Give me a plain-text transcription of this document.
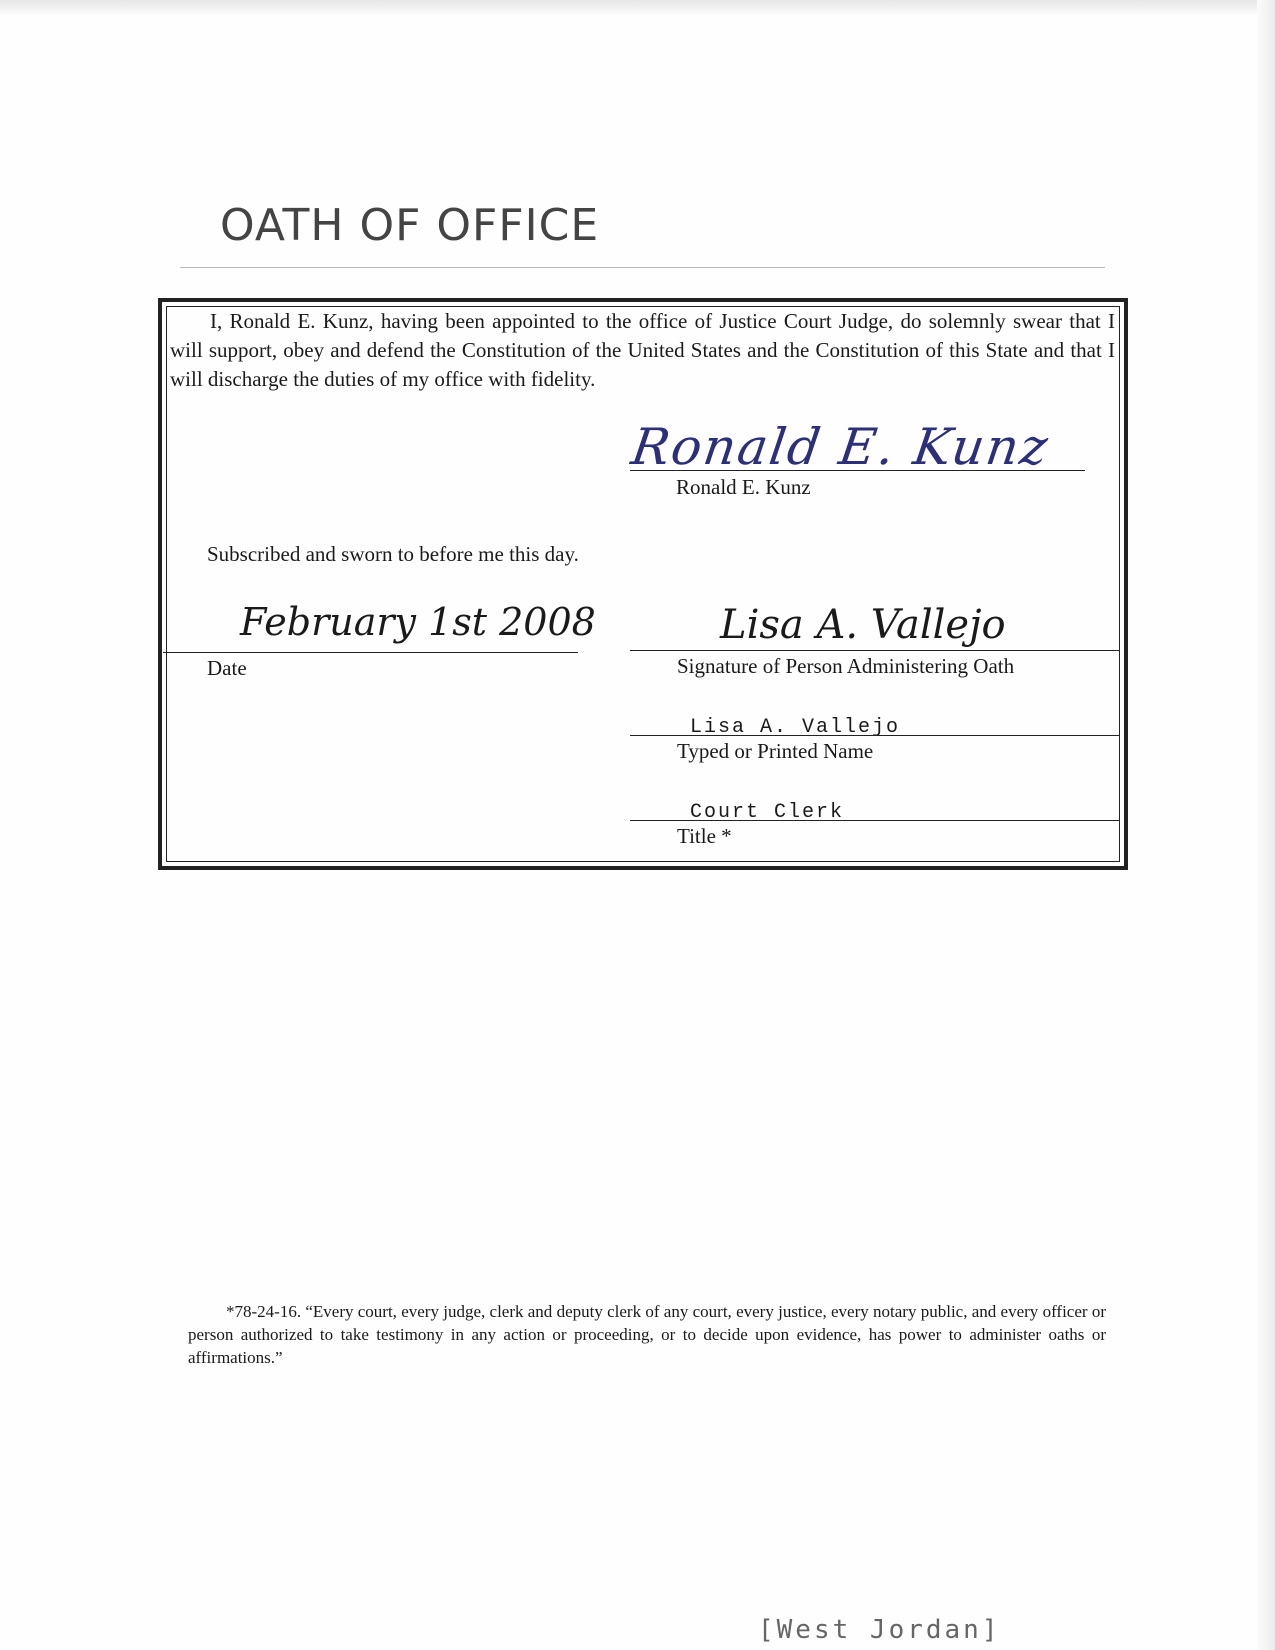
OATH OF OFFICE

I, Ronald E. Kunz, having been appointed to the office of Justice Court Judge, do solemnly swear that I will support, obey and defend the Constitution of the United States and the Constitution of this State and that I will discharge the duties of my office with fidelity.

Ronald E. Kunz
Ronald E. Kunz

Subscribed and sworn to before me this day.

February 1st 2008
Date
Lisa A. Vallejo
Signature of Person Administering Oath
Lisa A. Vallejo
Typed or Printed Name
Court Clerk
Title *

*78-24-16. “Every court, every judge, clerk and deputy clerk of any court, every justice, every notary public, and every officer or person authorized to take testimony in any action or proceeding, or to decide upon evidence, has power to administer oaths or affirmations.”

[West Jordan]
